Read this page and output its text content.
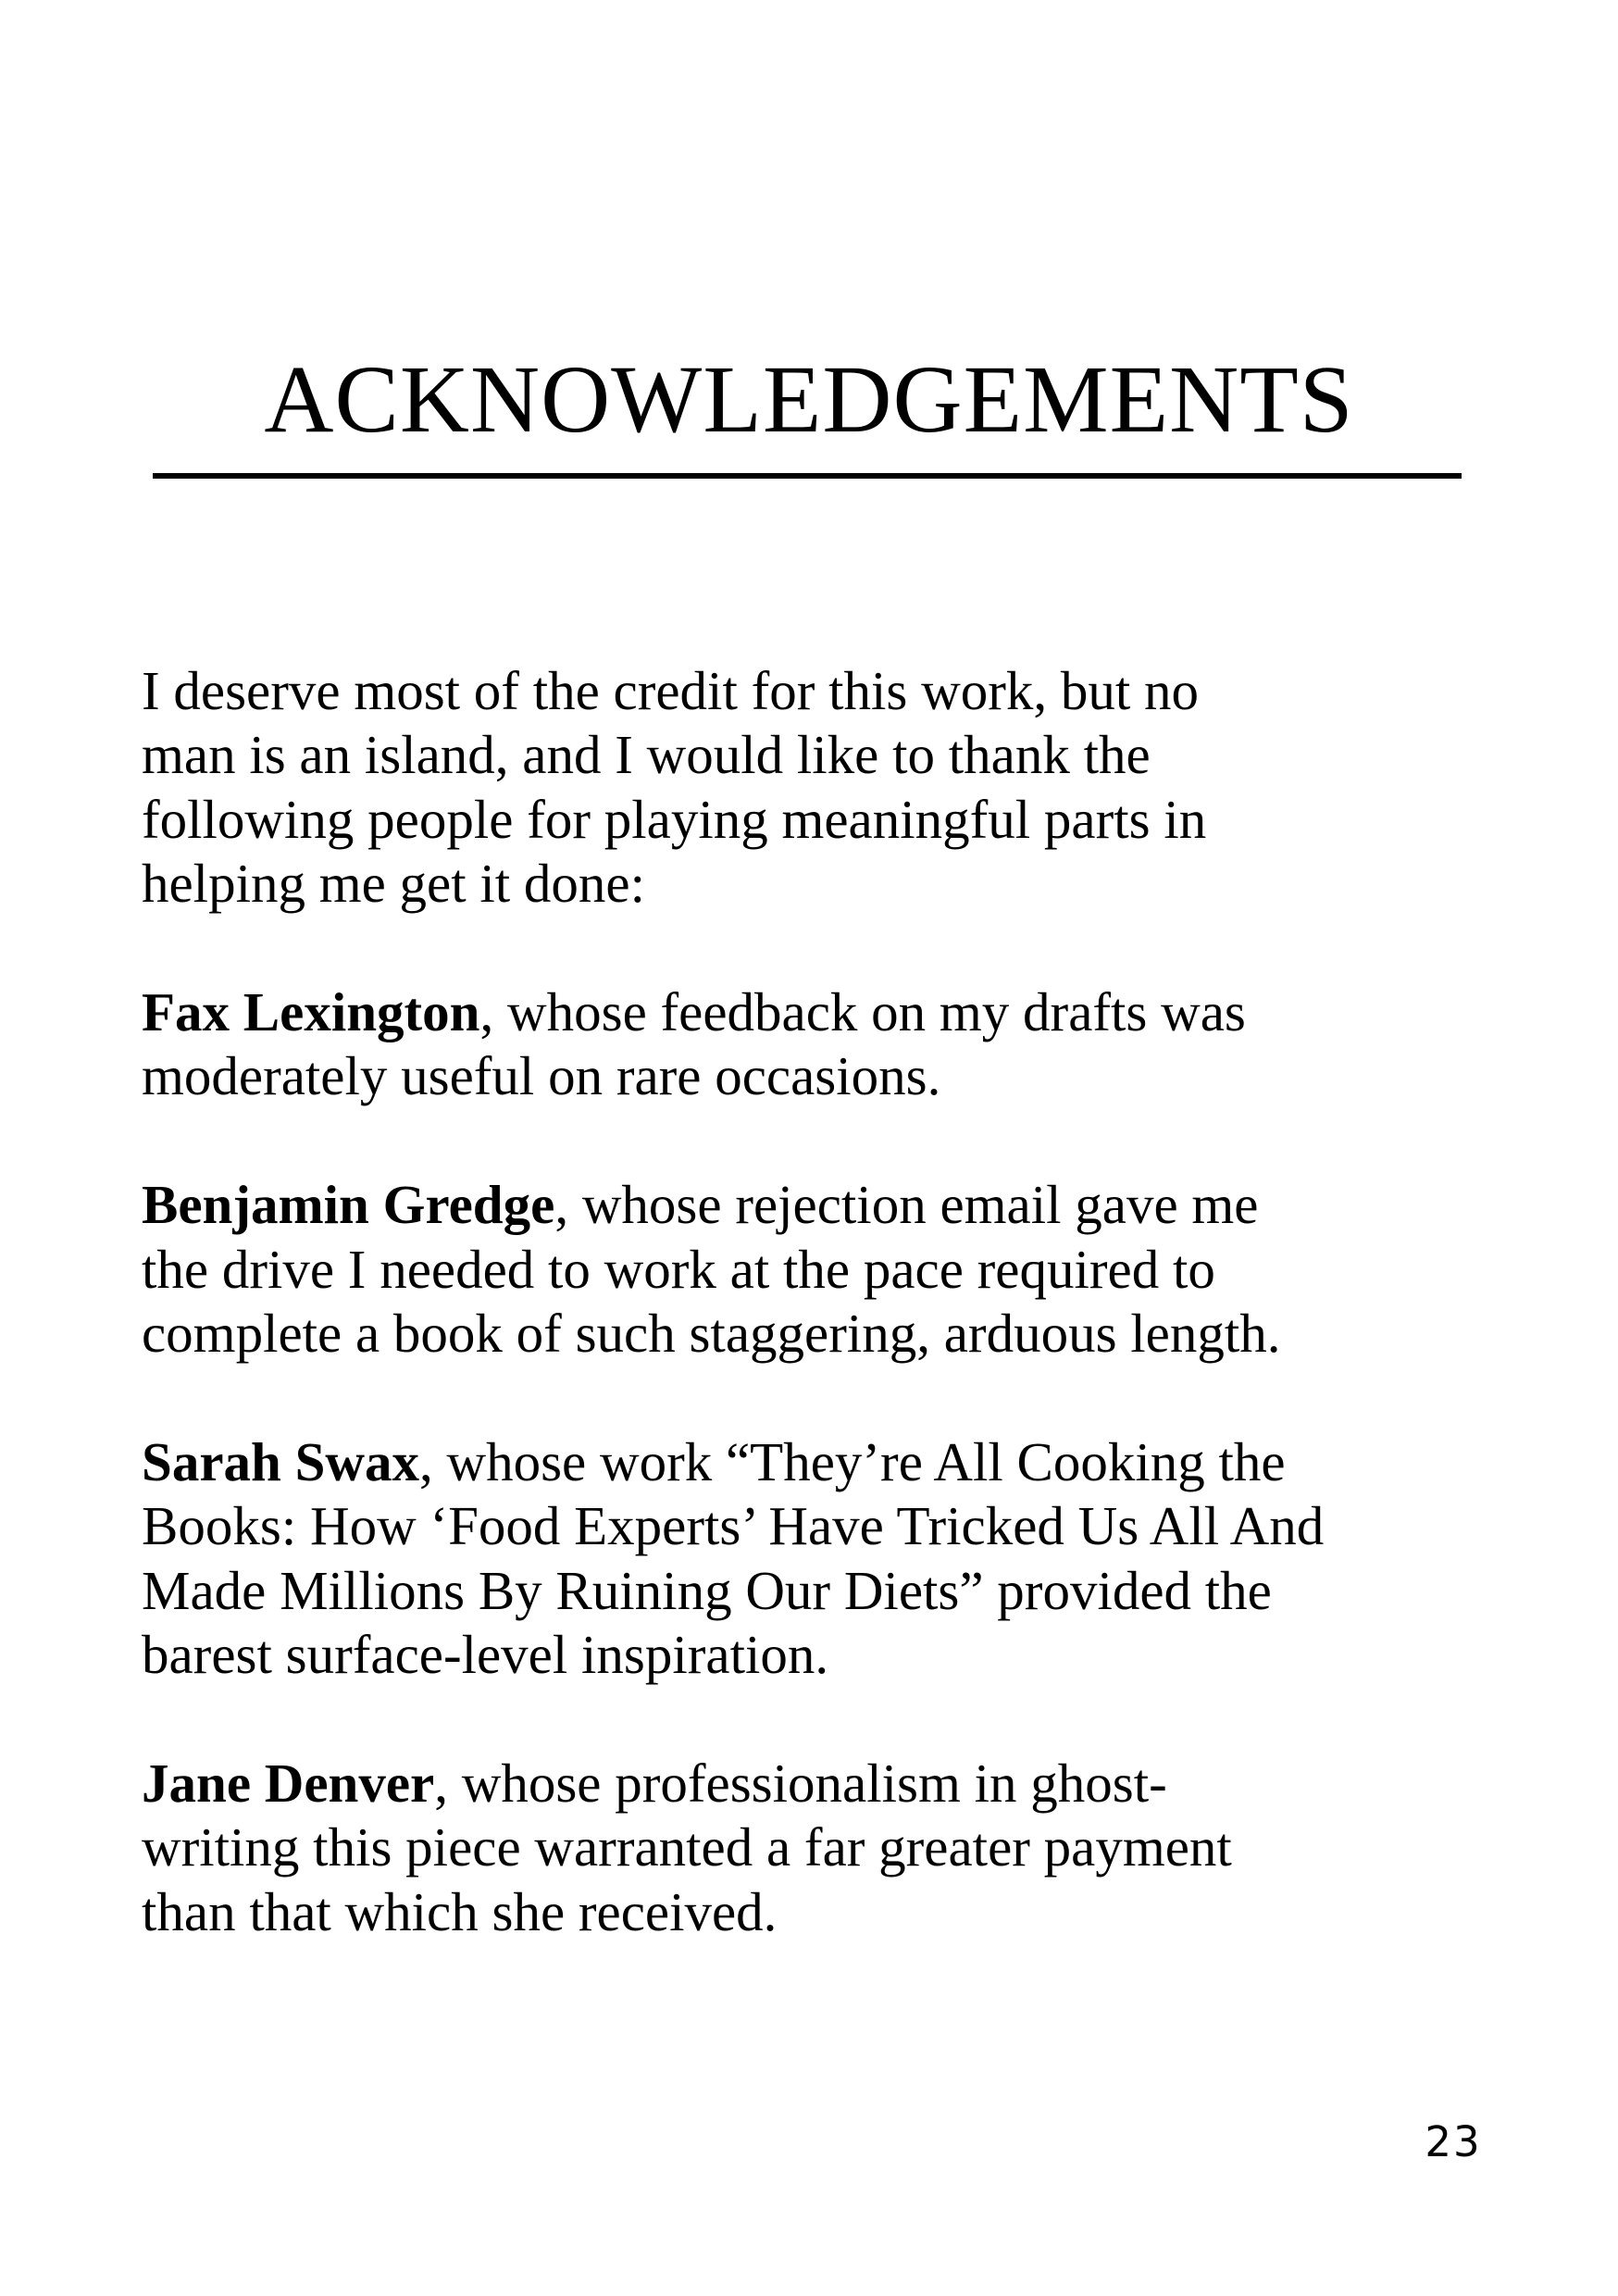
ACKNOWLEDGEMENTS

I deserve most of the credit for this work, but no
man is an island, and I would like to thank the
following people for playing meaningful parts in
helping me get it done:

Fax Lexington, whose feedback on my drafts was
moderately useful on rare occasions.

Benjamin Gredge, whose rejection email gave me
the drive I needed to work at the pace required to
complete a book of such staggering, arduous length.

Sarah Swax, whose work “They’re All Cooking the
Books: How ‘Food Experts’ Have Tricked Us All And
Made Millions By Ruining Our Diets” provided the
barest surface-level inspiration.

Jane Denver, whose professionalism in ghost-
writing this piece warranted a far greater payment
than that which she received.

23
